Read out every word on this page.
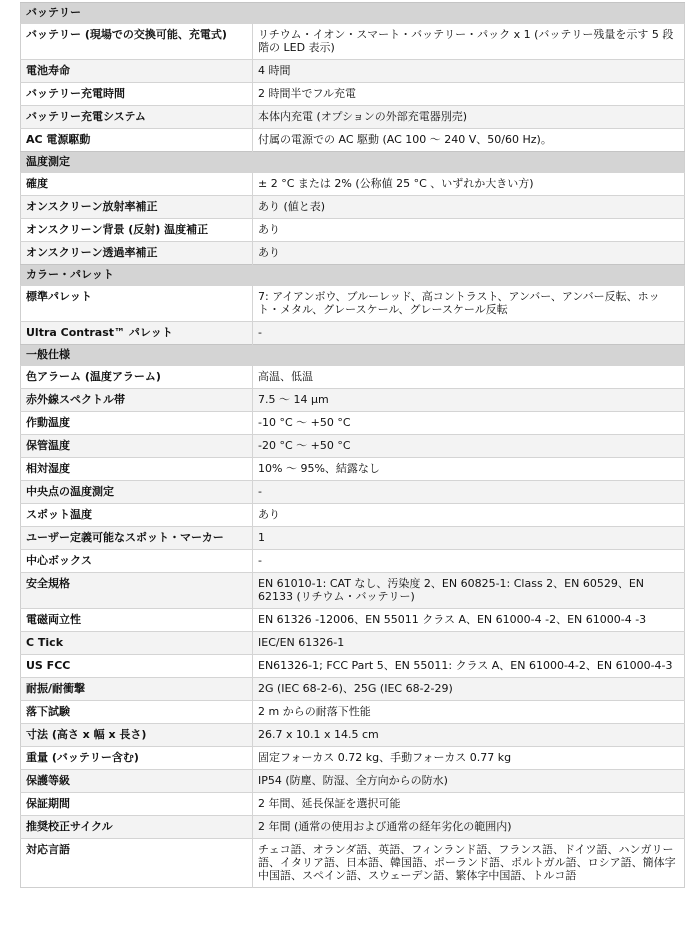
バッテリー	
バッテリー (現場での交換可能、充電式)	リチウム・イオン・スマート・バッテリー・パック x 1 (バッテリー残量を示す 5 段階の LED 表示)
電池寿命	4 時間
バッテリー充電時間	2 時間半でフル充電
バッテリー充電システム	本体内充電 (オプションの外部充電器別売)
AC 電源駆動	付属の電源での AC 駆動 (AC 100 〜 240 V、50/60 Hz)。
温度測定	
確度	± 2 °C または 2% (公称値 25 °C 、いずれか大きい方)
オンスクリーン放射率補正	あり (値と表)
オンスクリーン背景 (反射) 温度補正	あり
オンスクリーン透過率補正	あり
カラー・パレット	
標準パレット	7: アイアンボウ、ブルーレッド、高コントラスト、アンバー、アンバー反転、ホット・メタル、グレースケール、グレースケール反転
Ultra Contrast™ パレット	-
一般仕様	
色アラーム (温度アラーム)	高温、低温
赤外線スペクトル帯	7.5 〜 14 μm
作動温度	-10 °C 〜 +50 °C
保管温度	-20 °C 〜 +50 °C
相対湿度	10% 〜 95%、結露なし
中央点の温度測定	-
スポット温度	あり
ユーザー定義可能なスポット・マーカー	1
中心ボックス	-
安全規格	EN 61010-1: CAT なし、汚染度 2、EN 60825-1: Class 2、EN 60529、EN 62133 (リチウム・バッテリー)
電磁両立性	EN 61326 -12006、EN 55011 クラス A、EN 61000-4 -2、EN 61000-4 -3
C Tick	IEC/EN 61326-1
US FCC	EN61326-1; FCC Part 5、EN 55011: クラス A、EN 61000-4-2、EN 61000-4-3
耐振/耐衝撃	2G (IEC 68-2-6)、25G (IEC 68-2-29)
落下試験	2 m からの耐落下性能
寸法 (高さ x 幅 x 長さ)	26.7 x 10.1 x 14.5 cm
重量 (バッテリー含む)	固定フォーカス 0.72 kg、手動フォーカス 0.77 kg
保護等級	IP54 (防塵、防湿、全方向からの防水)
保証期間	2 年間、延長保証を選択可能
推奨校正サイクル	2 年間 (通常の使用および通常の経年劣化の範囲内)
対応言語	チェコ語、オランダ語、英語、フィンランド語、フランス語、ドイツ語、ハンガリー語、イタリア語、日本語、韓国語、ポーランド語、ポルトガル語、ロシア語、簡体字中国語、スペイン語、スウェーデン語、繁体字中国語、トルコ語
